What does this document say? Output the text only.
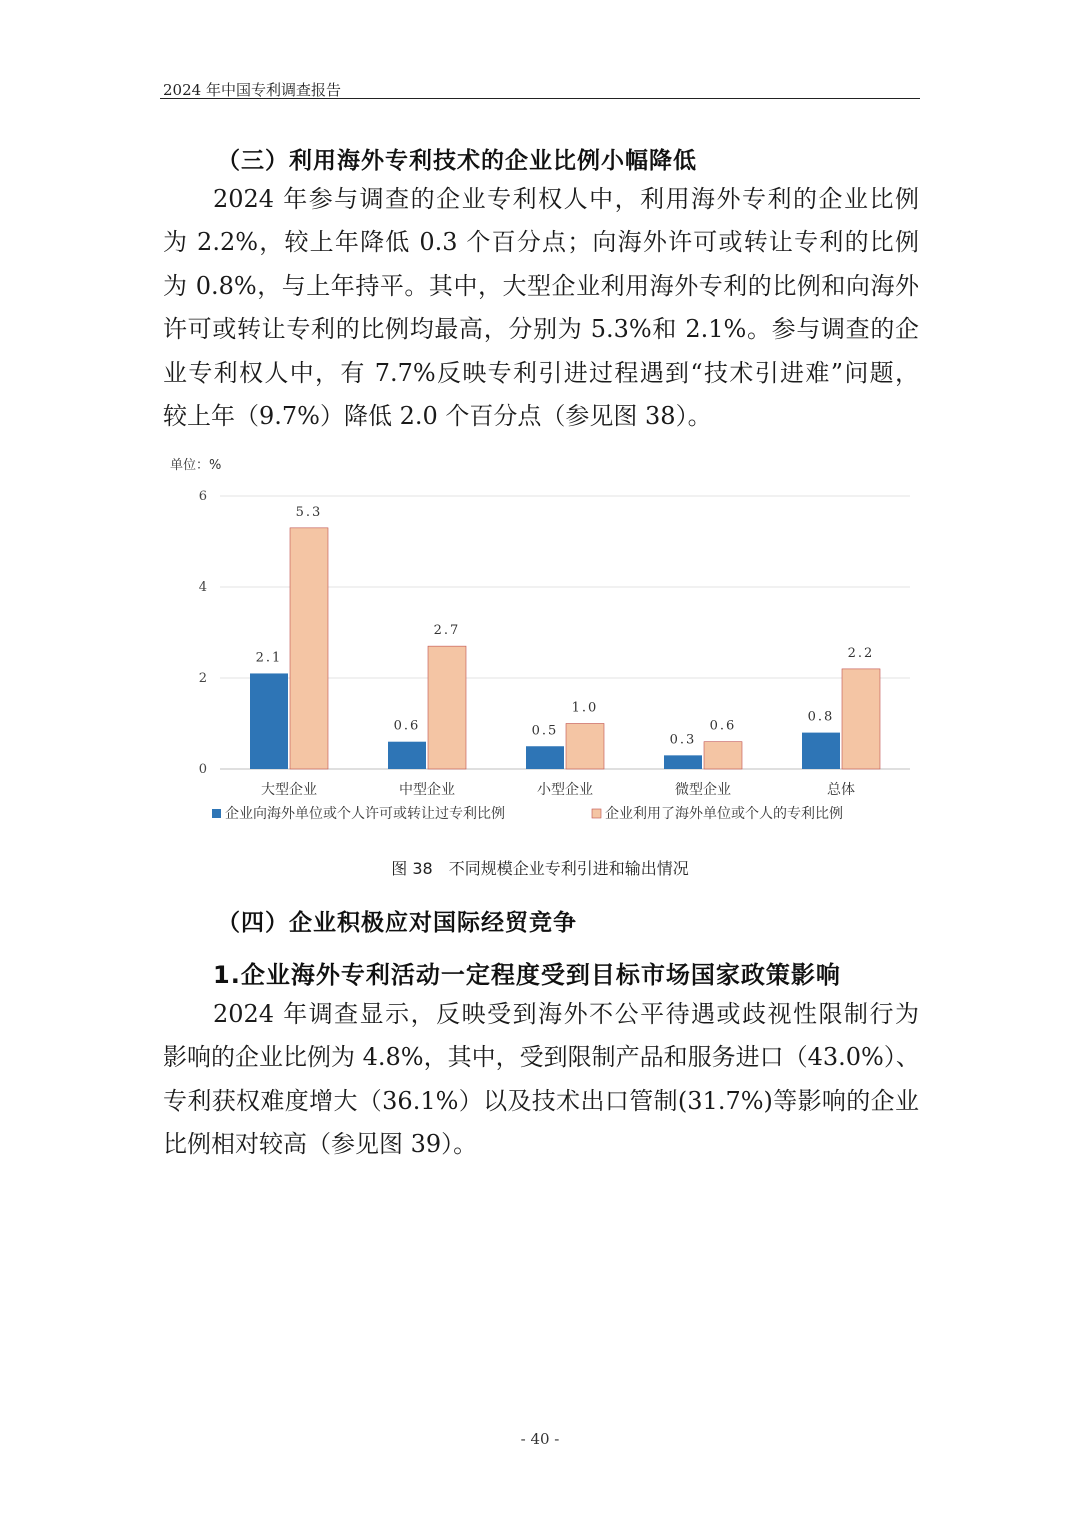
2024 年中国专利调查报告
（三）利用海外专利技术的企业比例小幅降低

2024 年参与调查的企业专利权人中，利用海外专利的企业比例
为 2.2%，较上年降低 0.3 个百分点；向海外许可或转让专利的比例
为 0.8%，与上年持平。其中，大型企业利用海外专利的比例和向海外
许可或转让专利的比例均最高，分别为 5.3%和 2.1%。参与调查的企
业专利权人中，有 7.7%反映专利引进过程遇到“技术引进难”问题，
较上年（9.7%）降低 2.0 个百分点（参见图 38）。

单位：%
0
2
4
6
2.1
5.3
大型企业
0.6
2.7
中型企业
0.5
1.0
小型企业
0.3
0.6
微型企业
0.8
2.2
总体
企业向海外单位或个人许可或转让过专利比例	企业利用了海外单位或个人的专利比例
图 38　不同规模企业专利引进和输出情况
（四）企业积极应对国际经贸竞争
1.企业海外专利活动一定程度受到目标市场国家政策影响

2024 年调查显示，反映受到海外不公平待遇或歧视性限制行为
影响的企业比例为 4.8%，其中，受到限制产品和服务进口（43.0%）、
专利获权难度增大（36.1%）以及技术出口管制(31.7%)等影响的企业
比例相对较高（参见图 39）。

- 40 -
